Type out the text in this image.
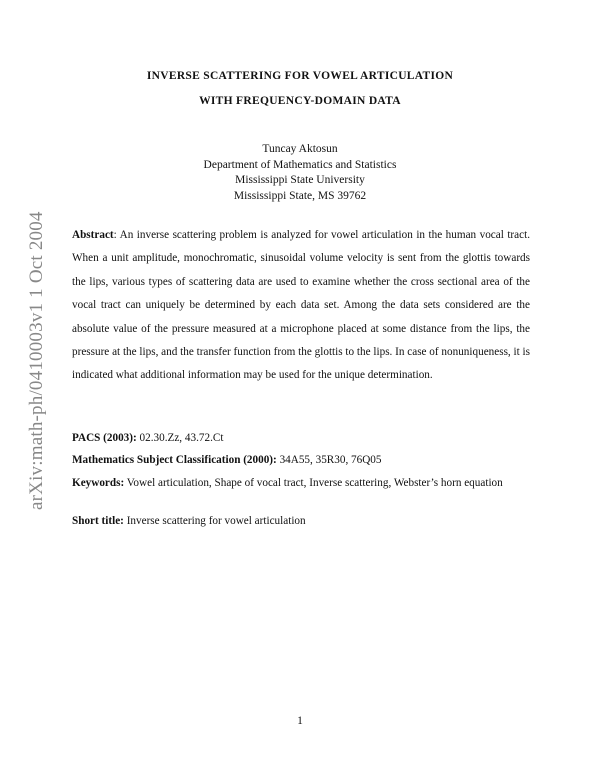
arXiv:math-ph/0410003v1 1 Oct 2004
INVERSE SCATTERING FOR VOWEL ARTICULATION
WITH FREQUENCY-DOMAIN DATA
Tuncay Aktosun
Department of Mathematics and Statistics
Mississippi State University
Mississippi State, MS 39762
Abstract: An inverse scattering problem is analyzed for vowel articulation in the human vocal tract. When a unit amplitude, monochromatic, sinusoidal volume velocity is sent from the glottis towards the lips, various types of scattering data are used to examine whether the cross sectional area of the vocal tract can uniquely be determined by each data set. Among the data sets considered are the absolute value of the pressure measured at a microphone placed at some distance from the lips, the pressure at the lips, and the transfer function from the glottis to the lips. In case of nonuniqueness, it is indicated what additional information may be used for the unique determination.
PACS (2003): 02.30.Zz, 43.72.Ct
Mathematics Subject Classification (2000): 34A55, 35R30, 76Q05
Keywords: Vowel articulation, Shape of vocal tract, Inverse scattering, Webster’s horn equation
Short title: Inverse scattering for vowel articulation
1
